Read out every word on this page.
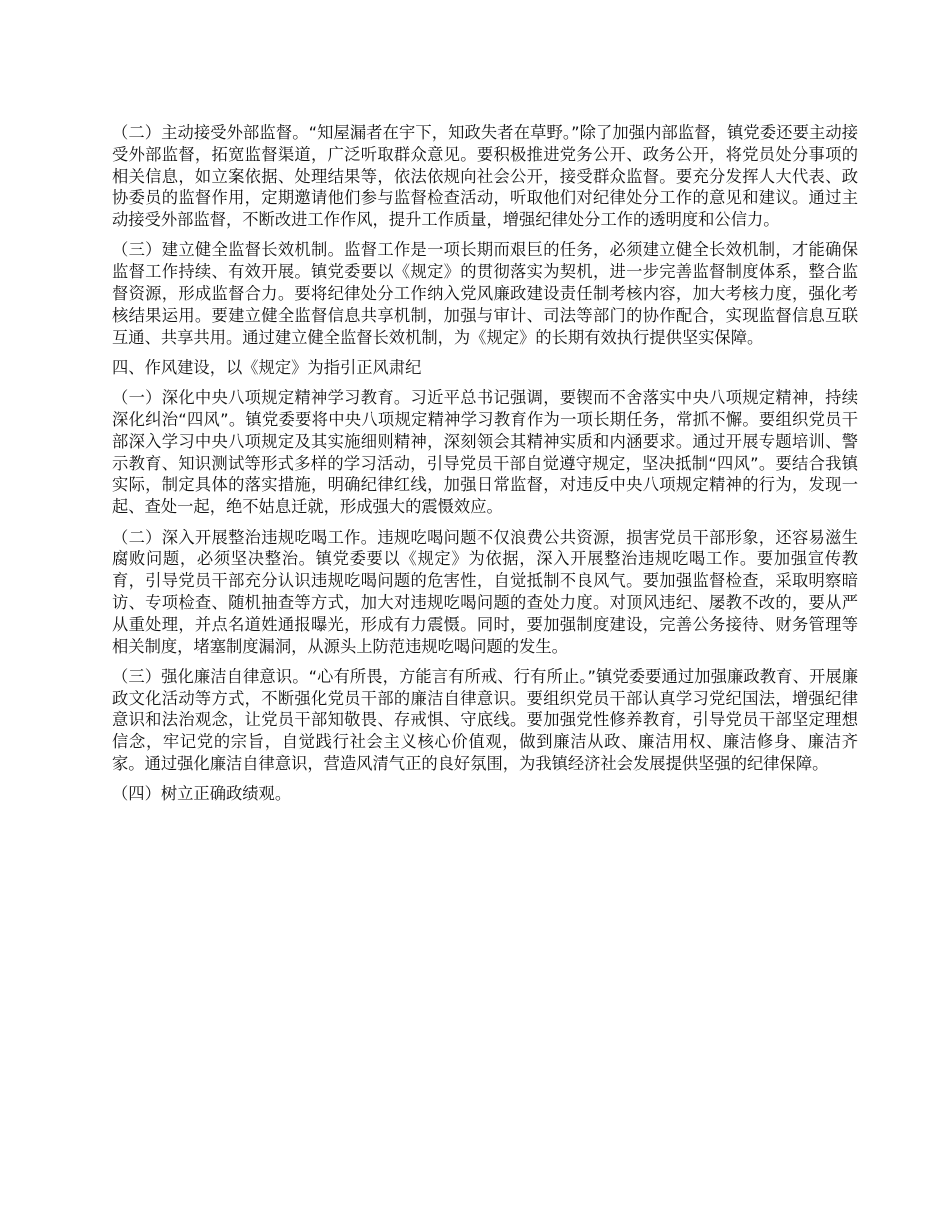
（二）主动接受外部监督。“知屋漏者在宇下，知政失者在草野。”除了加强内部监督，镇党委还要主动接受外部监督，拓宽监督渠道，广泛听取群众意见。要积极推进党务公开、政务公开，将党员处分事项的相关信息，如立案依据、处理结果等，依法依规向社会公开，接受群众监督。要充分发挥人大代表、政协委员的监督作用，定期邀请他们参与监督检查活动，听取他们对纪律处分工作的意见和建议。通过主动接受外部监督，不断改进工作作风，提升工作质量，增强纪律处分工作的透明度和公信力。

（三）建立健全监督长效机制。监督工作是一项长期而艰巨的任务，必须建立健全长效机制，才能确保监督工作持续、有效开展。镇党委要以《规定》的贯彻落实为契机，进一步完善监督制度体系，整合监督资源，形成监督合力。要将纪律处分工作纳入党风廉政建设责任制考核内容，加大考核力度，强化考核结果运用。要建立健全监督信息共享机制，加强与审计、司法等部门的协作配合，实现监督信息互联互通、共享共用。通过建立健全监督长效机制，为《规定》的长期有效执行提供坚实保障。

四、作风建设，以《规定》为指引正风肃纪

（一）深化中央八项规定精神学习教育。习近平总书记强调，要锲而不舍落实中央八项规定精神，持续深化纠治“四风”。镇党委要将中央八项规定精神学习教育作为一项长期任务，常抓不懈。要组织党员干部深入学习中央八项规定及其实施细则精神，深刻领会其精神实质和内涵要求。通过开展专题培训、警示教育、知识测试等形式多样的学习活动，引导党员干部自觉遵守规定，坚决抵制“四风”。要结合我镇实际，制定具体的落实措施，明确纪律红线，加强日常监督，对违反中央八项规定精神的行为，发现一起、查处一起，绝不姑息迁就，形成强大的震慑效应。

（二）深入开展整治违规吃喝工作。违规吃喝问题不仅浪费公共资源，损害党员干部形象，还容易滋生腐败问题，必须坚决整治。镇党委要以《规定》为依据，深入开展整治违规吃喝工作。要加强宣传教育，引导党员干部充分认识违规吃喝问题的危害性，自觉抵制不良风气。要加强监督检查，采取明察暗访、专项检查、随机抽查等方式，加大对违规吃喝问题的查处力度。对顶风违纪、屡教不改的，要从严从重处理，并点名道姓通报曝光，形成有力震慑。同时，要加强制度建设，完善公务接待、财务管理等相关制度，堵塞制度漏洞，从源头上防范违规吃喝问题的发生。

（三）强化廉洁自律意识。“心有所畏，方能言有所戒、行有所止。”镇党委要通过加强廉政教育、开展廉政文化活动等方式，不断强化党员干部的廉洁自律意识。要组织党员干部认真学习党纪国法，增强纪律意识和法治观念，让党员干部知敬畏、存戒惧、守底线。要加强党性修养教育，引导党员干部坚定理想信念，牢记党的宗旨，自觉践行社会主义核心价值观，做到廉洁从政、廉洁用权、廉洁修身、廉洁齐家。通过强化廉洁自律意识，营造风清气正的良好氛围，为我镇经济社会发展提供坚强的纪律保障。

（四）树立正确政绩观。
